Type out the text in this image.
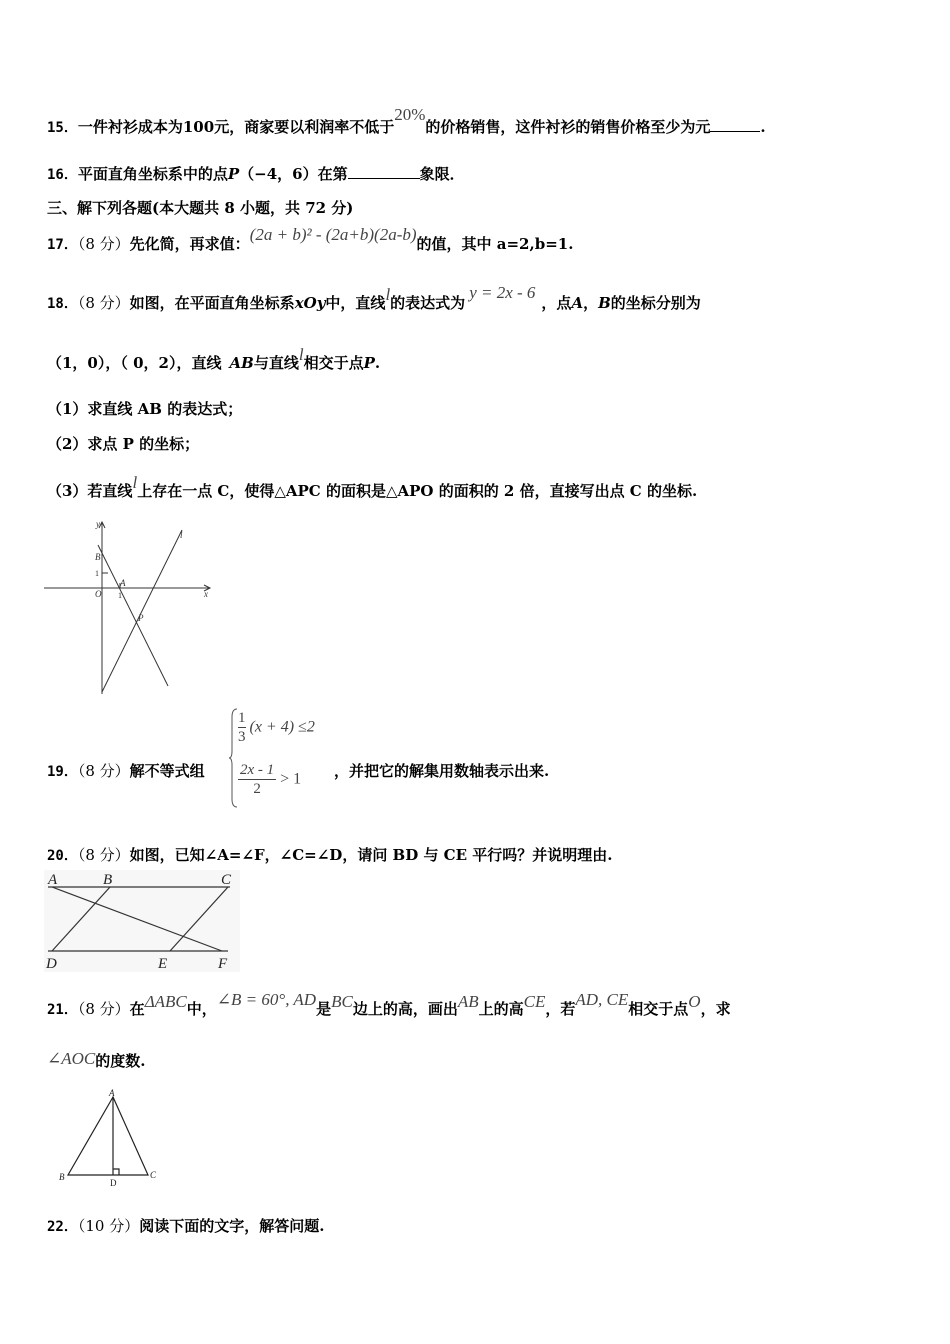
15．一件衬衫成本为100元，商家要以利润率不低于20%的价格销售，这件衬衫的销售价格至少为元	.
16．平面直角坐标系中的点P（−4，6）在第	象限．
三、解下列各题(本大题共 8 小题，共 72 分)
17．（8 分）先化简，再求值：(2a + b)² - (2a+b)(2a-b)的值，其中 a=2,b=1.
18．（8 分）如图，在平面直角坐标系xOy中，直线l的表达式为y = 2x - 6，点A，B的坐标分别为
（1，0），（ 0，2），直线 AB与直线l相交于点P.
（1）求直线 AB 的表达式；
（2）求点 P 的坐标；
（3）若直线l上存在一点 C，使得△APC 的面积是△APO 的面积的 2 倍，直接写出点 C 的坐标.
y
x
O
B
A
P
l
1
1
19．（8 分）解不等式组
$\frac{1}{3} (x + 4) \le 2$
$\frac{2x - 1}{2} > 1$ ，并把它的解集用数轴表示出来.
20．（8 分）如图，已知∠A=∠F，∠C=∠D，请问 BD 与 CE 平行吗？并说明理由.
A	B	C
D	E	F
21．（8 分）在ΔABC中，∠B = 60°, AD是BC边上的高，画出AB上的高CE，若AD, CE相交于点O，求
∠AOC的度数.
A
B	C
D
22．（10 分）阅读下面的文字，解答问题.
